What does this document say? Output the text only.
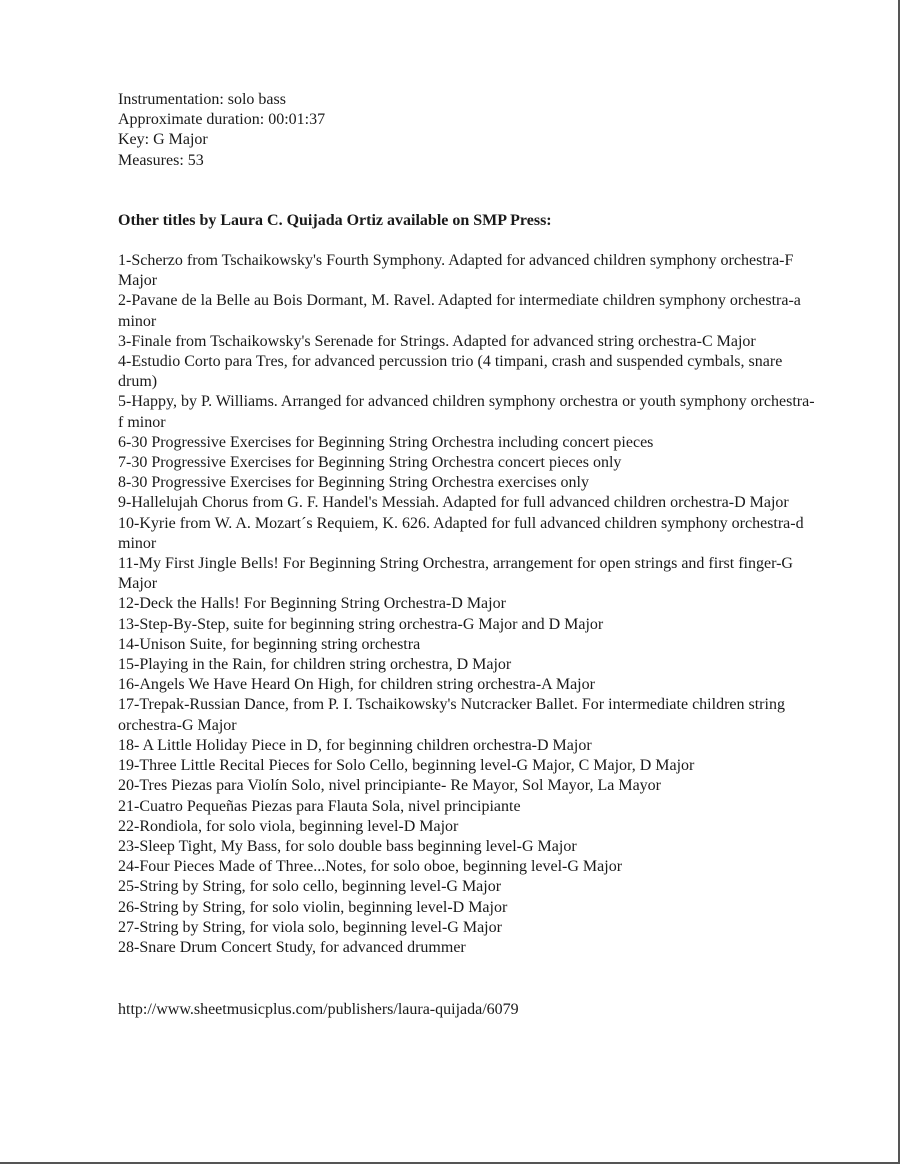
Instrumentation: solo bass
Approximate duration: 00:01:37
Key: G Major
Measures: 53
Other titles by Laura C. Quijada Ortiz available on SMP Press:
1-Scherzo from Tschaikowsky's Fourth Symphony. Adapted for advanced children symphony orchestra-F Major
2-Pavane de la Belle au Bois Dormant, M. Ravel. Adapted for intermediate children symphony orchestra-a minor
3-Finale from Tschaikowsky's Serenade for Strings. Adapted for advanced string orchestra-C Major
4-Estudio Corto para Tres, for advanced percussion trio (4 timpani, crash and suspended cymbals, snare drum)
5-Happy, by P. Williams. Arranged for advanced children symphony orchestra or youth symphony orchestra-f minor
6-30 Progressive Exercises for Beginning String Orchestra including concert pieces
7-30 Progressive Exercises for Beginning String Orchestra concert pieces only
8-30 Progressive Exercises for Beginning String Orchestra exercises only
9-Hallelujah Chorus from G. F. Handel's Messiah. Adapted for full advanced children orchestra-D Major
10-Kyrie from W. A. Mozart´s Requiem, K. 626. Adapted for full advanced children symphony orchestra-d minor
11-My First Jingle Bells! For Beginning String Orchestra, arrangement for open strings and first finger-G Major
12-Deck the Halls! For Beginning String Orchestra-D Major
13-Step-By-Step, suite for beginning string orchestra-G Major and D Major
14-Unison Suite, for beginning string orchestra
15-Playing in the Rain, for children string orchestra, D Major
16-Angels We Have Heard On High, for children string orchestra-A Major
17-Trepak-Russian Dance, from P. I. Tschaikowsky's Nutcracker Ballet. For intermediate children string orchestra-G Major
18- A Little Holiday Piece in D, for beginning children orchestra-D Major
19-Three Little Recital Pieces for Solo Cello, beginning level-G Major, C Major, D Major
20-Tres Piezas para Violín Solo, nivel principiante- Re Mayor, Sol Mayor, La Mayor
21-Cuatro Pequeñas Piezas para Flauta Sola, nivel principiante
22-Rondiola, for solo viola, beginning level-D Major
23-Sleep Tight, My Bass, for solo double bass beginning level-G Major
24-Four Pieces Made of Three...Notes, for solo oboe, beginning level-G Major
25-String by String, for solo cello, beginning level-G Major
26-String by String, for solo violin, beginning level-D Major
27-String by String, for viola solo, beginning level-G Major
28-Snare Drum Concert Study, for advanced drummer
http://www.sheetmusicplus.com/publishers/laura-quijada/6079
